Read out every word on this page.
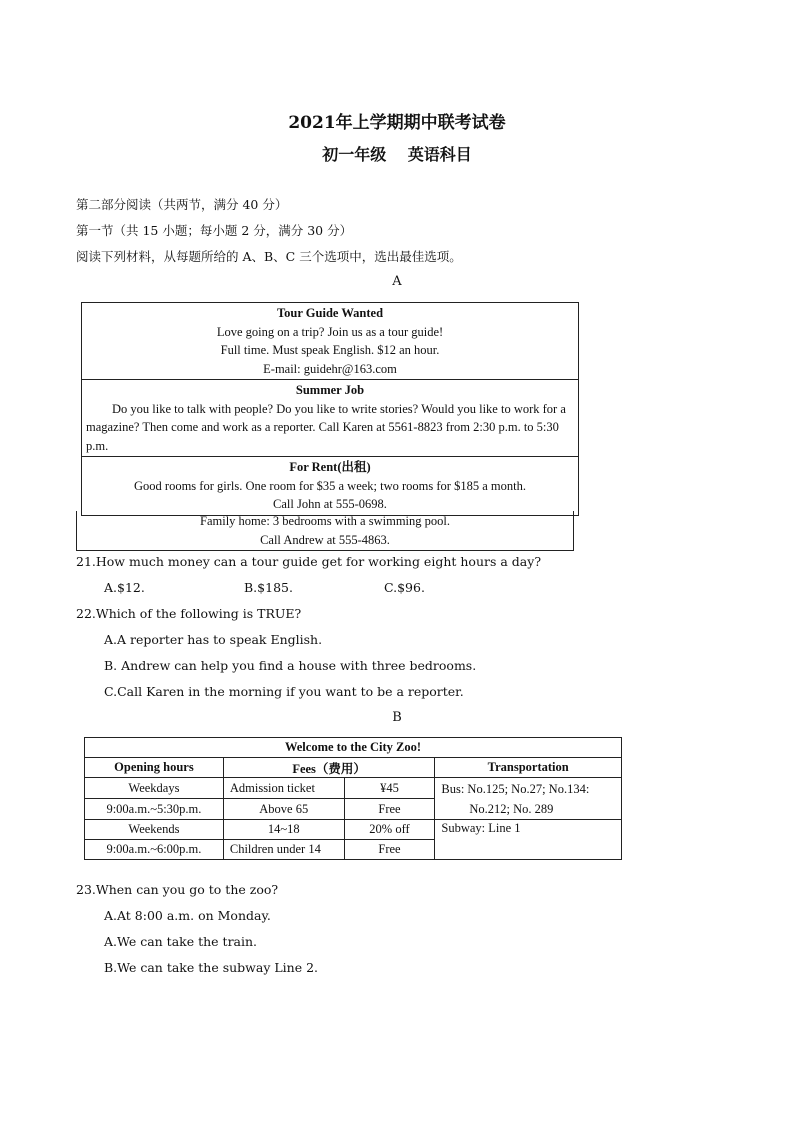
2021年上学期期中联考试卷
初一年级　 英语科目
第二部分阅读（共两节，满分 40 分）
第一节（共 15 小题；每小题 2 分，满分 30 分）
阅读下列材料，从每题所给的 A、B、C 三个选项中，选出最佳选项。
A
Tour Guide Wanted
Love going on a trip? Join us as a tour guide!
Full time. Must speak English. $12 an hour.
E-mail: guidehr@163.com
Summer Job
Do you like to talk with people? Do you like to write stories? Would you like to work for a magazine? Then come and work as a reporter. Call Karen at 5561-8823 from 2:30 p.m. to 5:30 p.m.
For Rent(出租)
Good rooms for girls. One room for $35 a week; two rooms for $185 a month.
Call John at 555-0698.
Family home: 3 bedrooms with a swimming pool.
Call Andrew at 555-4863.
21.How much money can a tour guide get for working eight hours a day?
A.$12.	B.$185.	C.$96.
22.Which of the following is TRUE?
A.A reporter has to speak English.
B. Andrew can help you find a house with three bedrooms.
C.Call Karen in the morning if you want to be a reporter.
B
Welcome to the City Zoo!			
Opening hours	Fees（费用）		Transportation
Weekdays	Admission ticket	¥45	Bus: No.125; No.27; No.134:
No.212; No. 289

9:00a.m.~5:30p.m.	Above 65	Free	
Weekends	14~18	20% off	Subway: Line 1
9:00a.m.~6:00p.m.	Children under 14	Free	
23.When can you go to the zoo?
A.At 8:00 a.m. on Monday.
A.We can take the train.
B.We can take the subway Line 2.
